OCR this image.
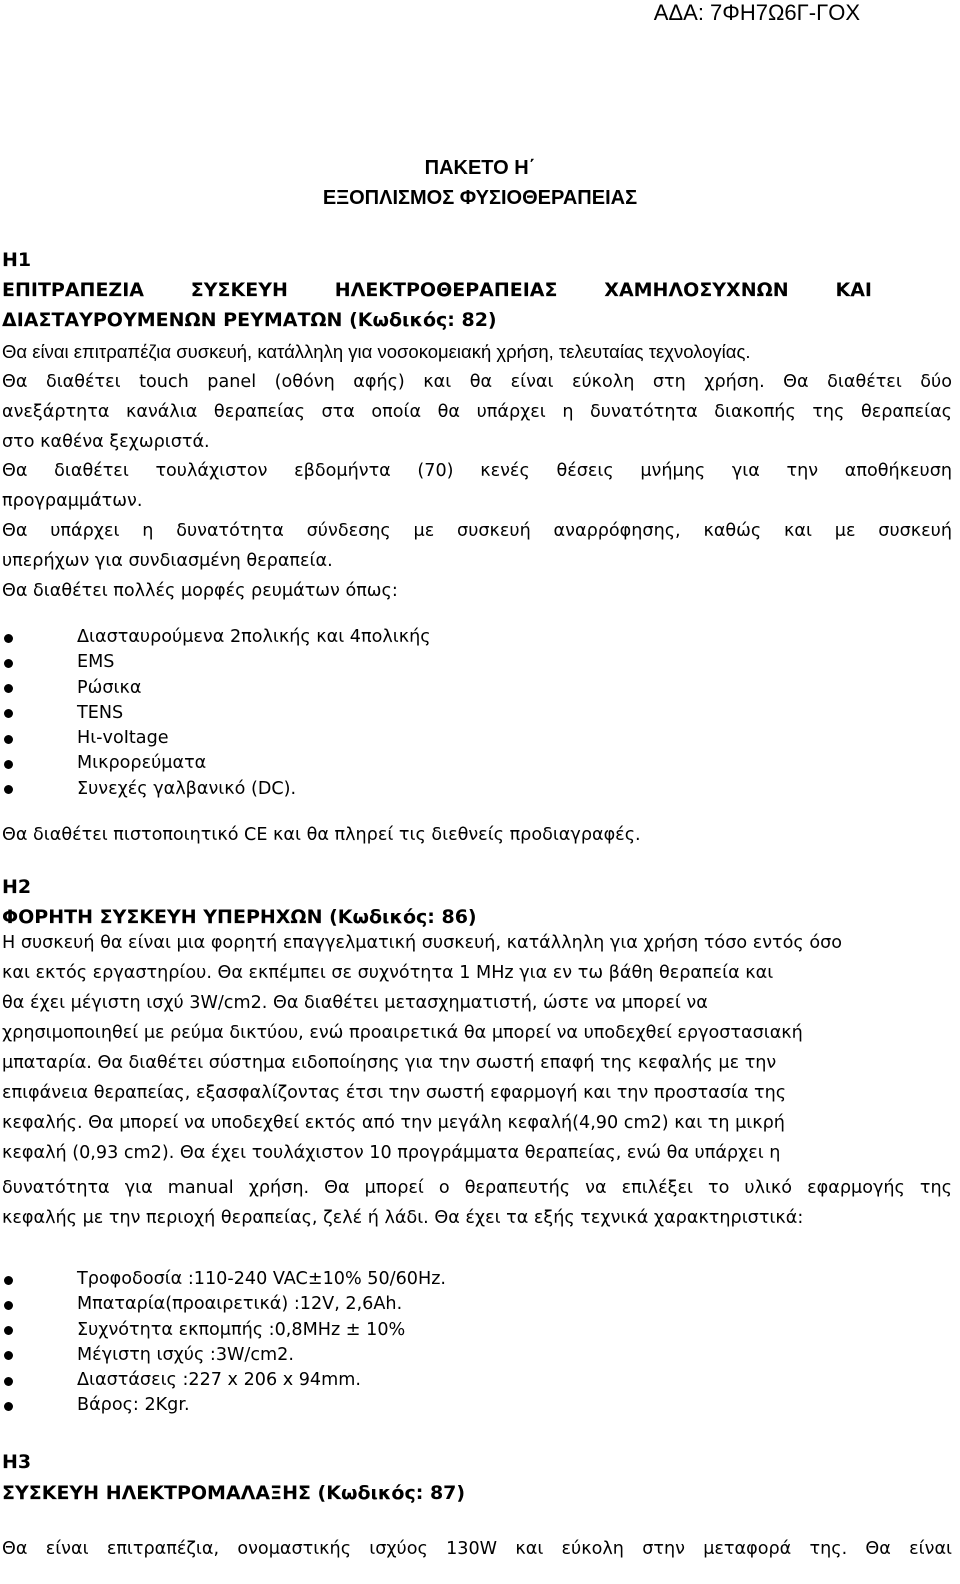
ΑΔΑ: 7ΦΗ7Ω6Γ-ΓΟΧ
ΠΑΚΕΤΟ Η΄
ΕΞΟΠΛΙΣΜΟΣ ΦΥΣΙΟΘΕΡΑΠΕΙΑΣ
Η1
ΕΠΙΤΡΑΠΕΖΙΑ ΣΥΣΚΕΥΗ ΗΛΕΚΤΡΟΘΕΡΑΠΕΙΑΣ ΧΑΜΗΛΟΣΥΧΝΩΝ ΚΑΙ
ΔΙΑΣΤΑΥΡΟΥΜΕΝΩΝ ΡΕΥΜΑΤΩΝ (Κωδικός: 82)
Θα είναι επιτραπέζια συσκευή, κατάλληλη για νοσοκομειακή χρήση, τελευταίας τεχνολογίας.
Θα διαθέτει touch panel (οθόνη αφής) και θα είναι εύκολη στη χρήση. Θα διαθέτει δύο
ανεξάρτητα κανάλια θεραπείας στα οποία θα υπάρχει η δυνατότητα διακοπής της θεραπείας
στο καθένα ξεχωριστά.
Θα διαθέτει τουλάχιστον εβδομήντα (70) κενές θέσεις μνήμης για την αποθήκευση
προγραμμάτων.
Θα υπάρχει η δυνατότητα σύνδεσης με συσκευή αναρρόφησης, καθώς και με συσκευή
υπερήχων για συνδιασμένη θεραπεία.
Θα διαθέτει πολλές μορφές ρευμάτων όπως:
Διασταυρούμενα 2πολικής και 4πολικής
EMS
Ρώσικα
TENS
Hι-voItage
Μικρορεύματα
Συνεχές γαλβανικό (DC).
Θα διαθέτει πιστοποιητικό CE και θα πληρεί τις διεθνείς προδιαγραφές.
Η2
ΦΟΡΗΤΗ ΣΥΣΚΕΥΗ ΥΠΕΡΗΧΩΝ (Κωδικός: 86)
Η συσκευή θα είναι μια φορητή επαγγελματική συσκευή, κατάλληλη για χρήση τόσο εντός όσο
και εκτός εργαστηρίου. Θα εκπέμπει σε συχνότητα 1 MHz για εν τω βάθη θεραπεία και
θα έχει μέγιστη ισχύ 3W/cm2. Θα διαθέτει μετασχηματιστή, ώστε να μπορεί να
χρησιμοποιηθεί με ρεύμα δικτύου, ενώ προαιρετικά θα μπορεί να υποδεχθεί εργοστασιακή
μπαταρία. Θα διαθέτει σύστημα ειδοποίησης για την σωστή επαφή της κεφαλής με την
επιφάνεια θεραπείας, εξασφαλίζοντας έτσι την σωστή εφαρμογή και την προστασία της
κεφαλής. Θα μπορεί να υποδεχθεί εκτός από την μεγάλη κεφαλή(4,90 cm2) και τη μικρή
κεφαλή (0,93 cm2). Θα έχει τουλάχιστον 10 προγράμματα θεραπείας, ενώ θα υπάρχει η
δυνατότητα για manual χρήση. Θα μπορεί ο θεραπευτής να επιλέξει το υλικό εφαρμογής της
κεφαλής με την περιοχή θεραπείας, ζελέ ή λάδι. Θα έχει τα εξής τεχνικά χαρακτηριστικά:
Τροφοδοσία :110-240 VAC±10% 50/60Hz.
Μπαταρία(προαιρετικά) :12V, 2,6Ah.
Συχνότητα εκπομπής :0,8MHz ± 10%
Μέγιστη ισχύς :3W/cm2.
Διαστάσεις :227 x 206 x 94mm.
Βάρος: 2Kgr.
Η3
ΣΥΣΚΕΥΗ ΗΛΕΚΤΡΟΜΑΛΑΞΗΣ (Κωδικός: 87)
Θα είναι επιτραπέζια, ονομαστικής ισχύος 130W και εύκολη στην μεταφορά της. Θα είναι
